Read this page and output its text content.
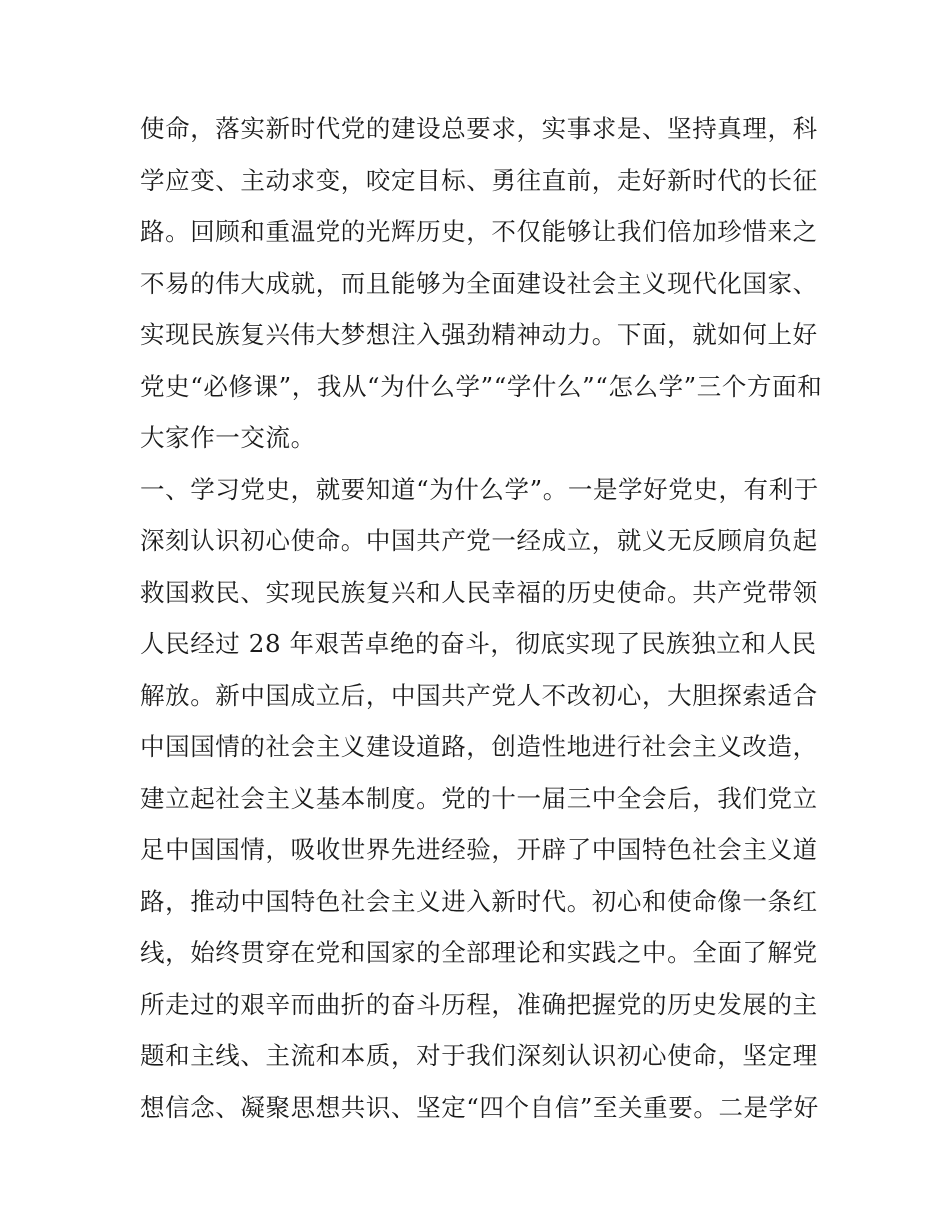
使命，落实新时代党的建设总要求，实事求是、坚持真理，科
学应变、主动求变，咬定目标、勇往直前，走好新时代的长征
路。回顾和重温党的光辉历史，不仅能够让我们倍加珍惜来之
不易的伟大成就，而且能够为全面建设社会主义现代化国家、
实现民族复兴伟大梦想注入强劲精神动力。下面，就如何上好
党史“必修课”，我从“为什么学”“学什么”“怎么学”三个方面和
大家作一交流。
一、学习党史，就要知道“为什么学”。一是学好党史，有利于
深刻认识初心使命。中国共产党一经成立，就义无反顾肩负起
救国救民、实现民族复兴和人民幸福的历史使命。共产党带领
人民经过 28 年艰苦卓绝的奋斗，彻底实现了民族独立和人民
解放。新中国成立后，中国共产党人不改初心，大胆探索适合
中国国情的社会主义建设道路，创造性地进行社会主义改造，
建立起社会主义基本制度。党的十一届三中全会后，我们党立
足中国国情，吸收世界先进经验，开辟了中国特色社会主义道
路，推动中国特色社会主义进入新时代。初心和使命像一条红
线，始终贯穿在党和国家的全部理论和实践之中。全面了解党
所走过的艰辛而曲折的奋斗历程，准确把握党的历史发展的主
题和主线、主流和本质，对于我们深刻认识初心使命，坚定理
想信念、凝聚思想共识、坚定“四个自信”至关重要。二是学好
